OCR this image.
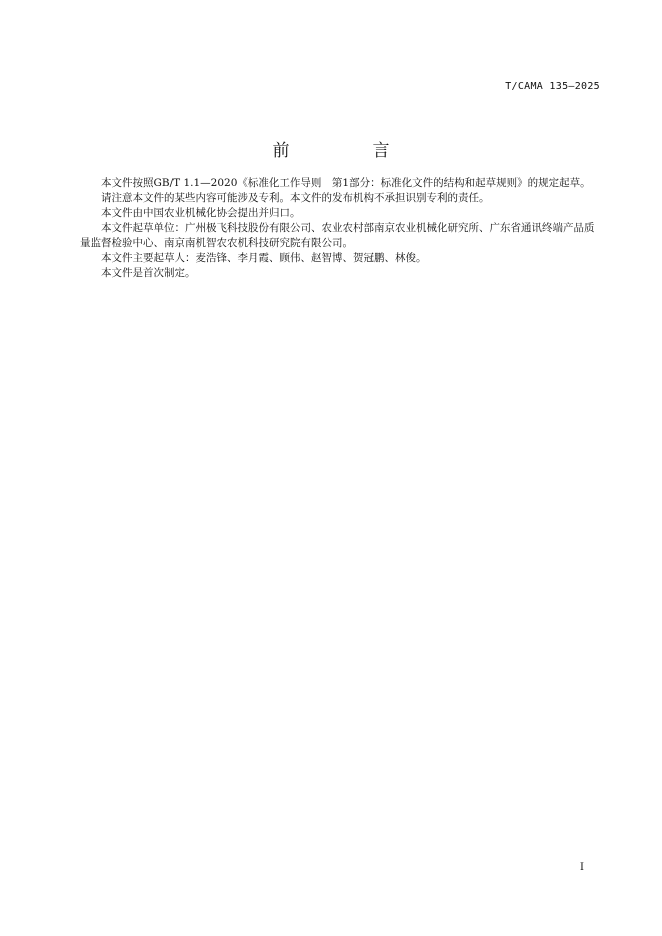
T/CAMA 135—2025
前　言

本文件按照GB/T 1.1—2020《标准化工作导则　第1部分：标准化文件的结构和起草规则》的规定起草。

请注意本文件的某些内容可能涉及专利。本文件的发布机构不承担识别专利的责任。

本文件由中国农业机械化协会提出并归口。

本文件起草单位：广州极飞科技股份有限公司、农业农村部南京农业机械化研究所、广东省通讯终端产品质量监督检验中心、南京南机智农农机科技研究院有限公司。

本文件主要起草人：麦浩锋、李月霞、顾伟、赵智博、贺冠鹏、林俊。

本文件是首次制定。

I
